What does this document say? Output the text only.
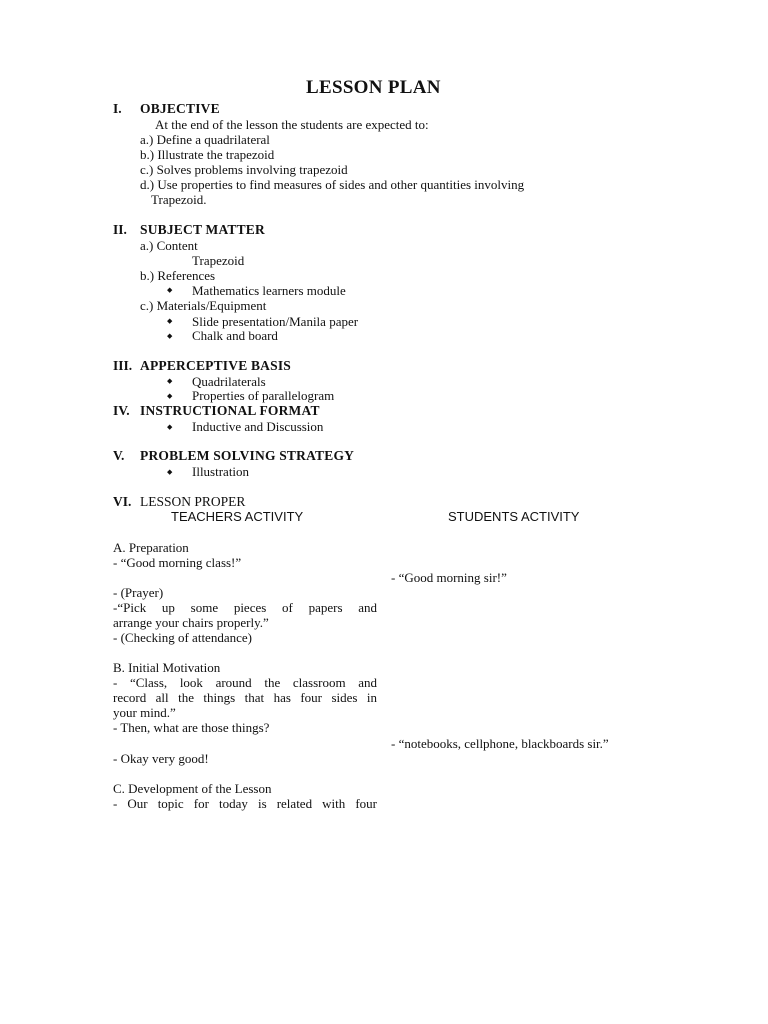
LESSON PLAN
I. OBJECTIVE
At the end of the lesson the students are expected to:
a.) Define a quadrilateral
b.) Illustrate the trapezoid
c.) Solves problems involving trapezoid
d.) Use properties to find measures of sides and other quantities involving
Trapezoid.
II. SUBJECT MATTER
a.) Content
Trapezoid
b.) References
◆ Mathematics learners module
c.) Materials/Equipment
◆ Slide presentation/Manila paper
◆ Chalk and board
III. APPERCEPTIVE BASIS
◆ Quadrilaterals
◆ Properties of parallelogram
IV. INSTRUCTIONAL FORMAT
◆ Inductive and Discussion
V. PROBLEM SOLVING STRATEGY
◆ Illustration
VI. LESSON PROPER
TEACHERS ACTIVITY	STUDENTS ACTIVITY
A. Preparation
- “Good morning class!”
- “Good morning sir!”
- (Prayer)
-“Pick up some pieces of papers and
arrange your chairs properly.”
- (Checking of attendance)
B. Initial Motivation
- “Class, look around the classroom and
record all the things that has four sides in
your mind.”
- Then, what are those things?
- “notebooks, cellphone, blackboards sir.”
- Okay very good!
C. Development of the Lesson
- Our topic for today is related with four
